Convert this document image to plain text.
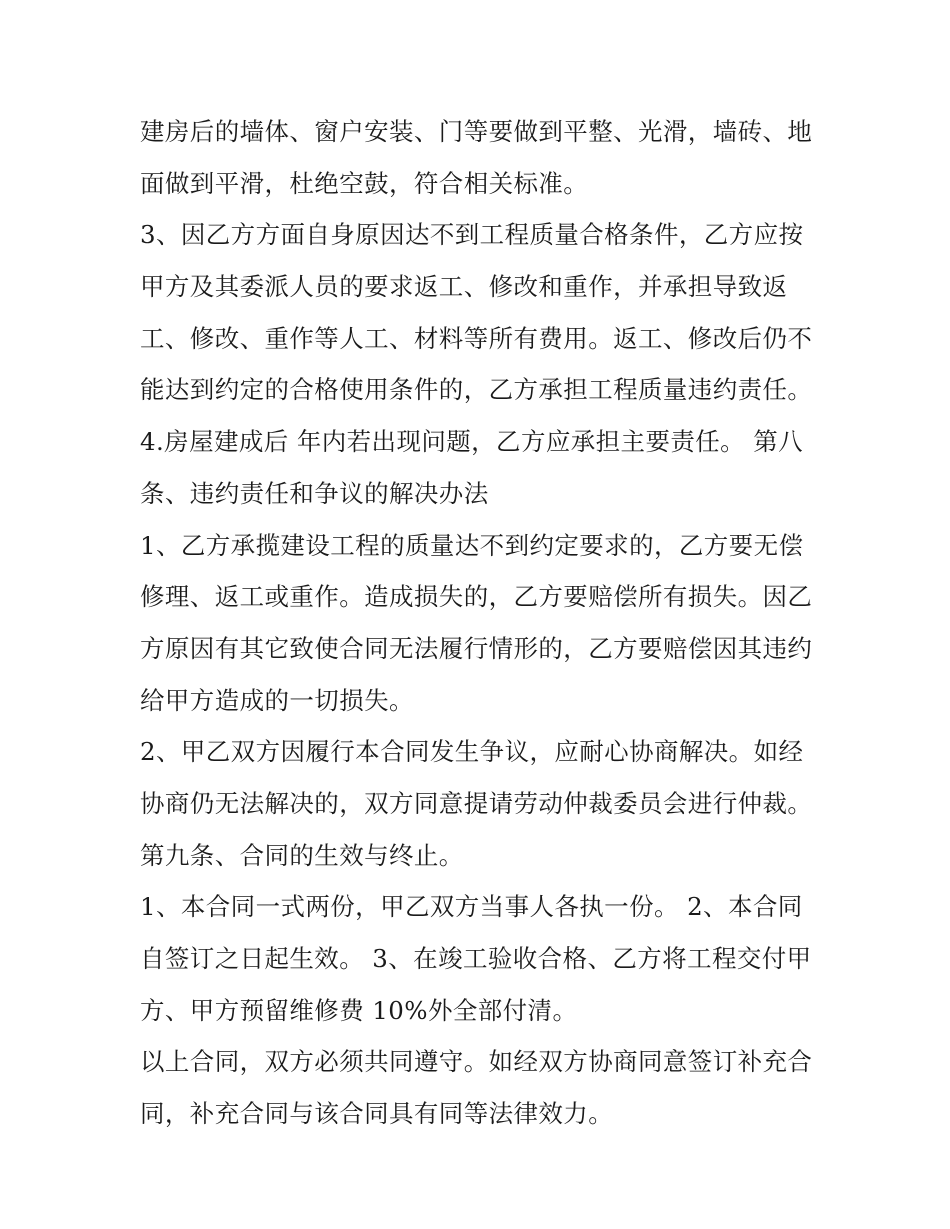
建房后的墙体、窗户安装、门等要做到平整、光滑，墙砖、地
面做到平滑，杜绝空鼓，符合相关标准。
3、因乙方方面自身原因达不到工程质量合格条件，乙方应按
甲方及其委派人员的要求返工、修改和重作，并承担导致返
工、修改、重作等人工、材料等所有费用。返工、修改后仍不
能达到约定的合格使用条件的，乙方承担工程质量违约责任。
4.房屋建成后 年内若出现问题，乙方应承担主要责任。 第八
条、违约责任和争议的解决办法
1、乙方承揽建设工程的质量达不到约定要求的，乙方要无偿
修理、返工或重作。造成损失的，乙方要赔偿所有损失。因乙
方原因有其它致使合同无法履行情形的，乙方要赔偿因其违约
给甲方造成的一切损失。
2、甲乙双方因履行本合同发生争议，应耐心协商解决。如经
协商仍无法解决的，双方同意提请劳动仲裁委员会进行仲裁。
第九条、合同的生效与终止。
1、本合同一式两份，甲乙双方当事人各执一份。 2、本合同
自签订之日起生效。 3、在竣工验收合格、乙方将工程交付甲
方、甲方预留维修费 10%外全部付清。
以上合同，双方必须共同遵守。如经双方协商同意签订补充合
同，补充合同与该合同具有同等法律效力。
